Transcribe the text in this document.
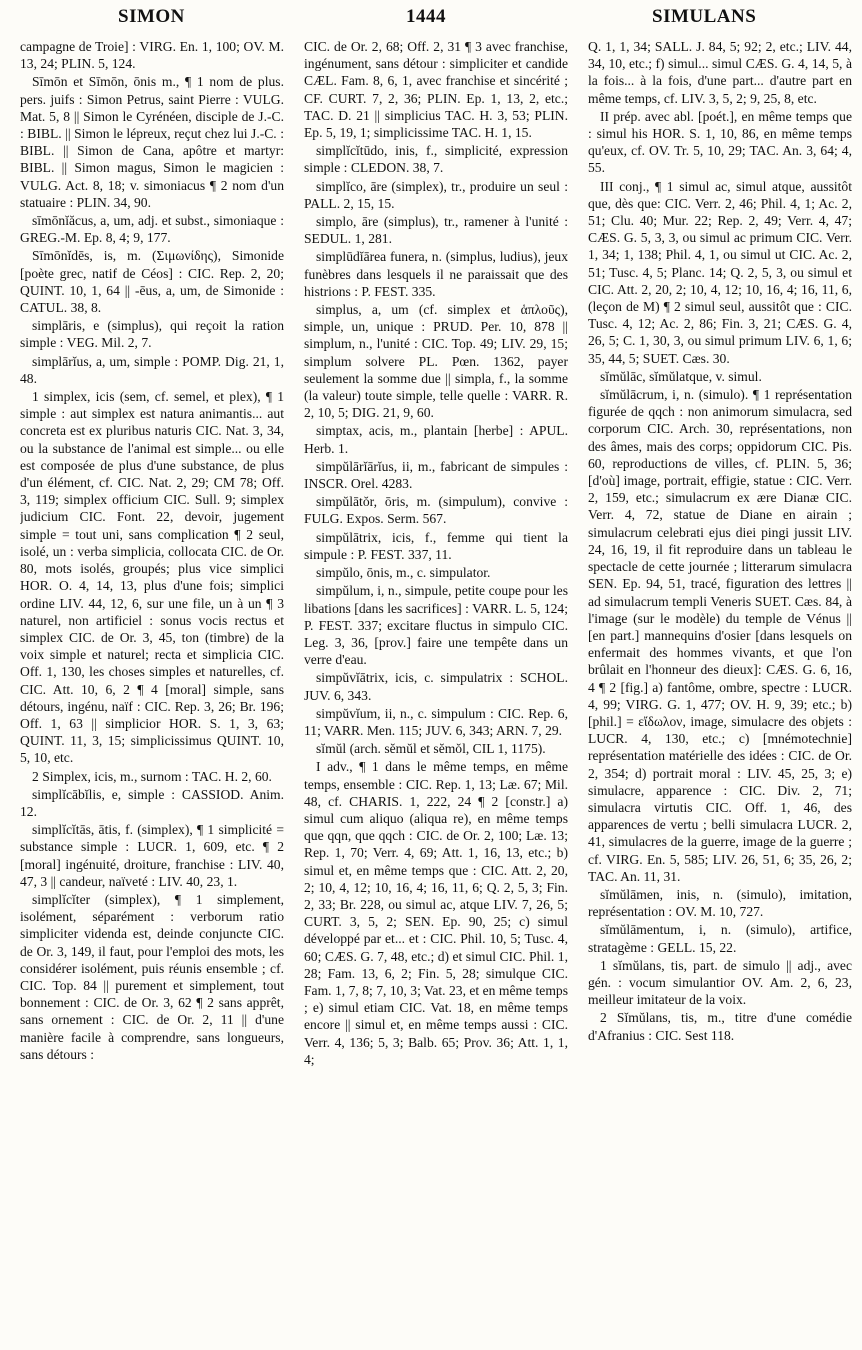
SIMON	1444	SIMULANS

campagne de Troie] : VIRG. En. 1, 100; OV. M. 13, 24; PLIN. 5, 124.

Sīmōn et Sīmōn, ōnis m., ¶ 1 nom de plus. pers. juifs : Simon Petrus, saint Pierre : VULG. Mat. 5, 8 || Simon le Cyrénéen, disciple de J.-C. : BIBL. || Simon le lépreux, reçut chez lui J.-C. : BIBL. || Simon de Cana, apôtre et martyr: BIBL. || Simon magus, Simon le magicien : VULG. Act. 8, 18; v. simoniacus ¶ 2 nom d'un statuaire : PLIN. 34, 90.

sīmōnĭăcus, a, um, adj. et subst., simoniaque : GREG.-M. Ep. 8, 4; 9, 177.

Sīmōnĭdēs, is, m. (Σιμωνίδης), Simonide [poète grec, natif de Céos] : CIC. Rep. 2, 20; QUINT. 10, 1, 64 || -ēus, a, um, de Simonide : CATUL. 38, 8.

simplāris, e (simplus), qui reçoit la ration simple : VEG. Mil. 2, 7.

simplārĭus, a, um, simple : POMP. Dig. 21, 1, 48.

1 simplex, icis (sem, cf. semel, et plex), ¶ 1 simple : aut simplex est natura animantis... aut concreta est ex pluribus naturis CIC. Nat. 3, 34, ou la substance de l'animal est simple... ou elle est composée de plus d'une substance, de plus d'un élément, cf. CIC. Nat. 2, 29; CM 78; Off. 3, 119; simplex officium CIC. Sull. 9; simplex judicium CIC. Font. 22, devoir, jugement simple = tout uni, sans complication ¶ 2 seul, isolé, un : verba simplicia, collocata CIC. de Or. 80, mots isolés, groupés; plus vice simplici HOR. O. 4, 14, 13, plus d'une fois; simplici ordine LIV. 44, 12, 6, sur une file, un à un ¶ 3 naturel, non artificiel : sonus vocis rectus et simplex CIC. de Or. 3, 45, ton (timbre) de la voix simple et naturel; recta et simplicia CIC. Off. 1, 130, les choses simples et naturelles, cf. CIC. Att. 10, 6, 2 ¶ 4 [moral] simple, sans détours, ingénu, naïf : CIC. Rep. 3, 26; Br. 196; Off. 1, 63 || simplicior HOR. S. 1, 3, 63; QUINT. 11, 3, 15; simplicissimus QUINT. 10, 5, 10, etc.

2 Simplex, icis, m., surnom : TAC. H. 2, 60.

simplĭcābĭlis, e, simple : CASSIOD. Anim. 12.

simplĭcĭtās, ātis, f. (simplex), ¶ 1 simplicité = substance simple : LUCR. 1, 609, etc. ¶ 2 [moral] ingénuité, droiture, franchise : LIV. 40, 47, 3 || candeur, naïveté : LIV. 40, 23, 1.

simplĭcĭter (simplex), ¶ 1 simplement, isolément, séparément : verborum ratio simpliciter videnda est, deinde conjuncte CIC. de Or. 3, 149, il faut, pour l'emploi des mots, les considérer isolément, puis réunis ensemble ; cf. CIC. Top. 84 || purement et simplement, tout bonnement : CIC. de Or. 3, 62 ¶ 2 sans apprêt, sans ornement : CIC. de Or. 2, 11 || d'une manière facile à comprendre, sans longueurs, sans détours :

CIC. de Or. 2, 68; Off. 2, 31 ¶ 3 avec franchise, ingénument, sans détour : simpliciter et candide CÆL. Fam. 8, 6, 1, avec franchise et sincérité ; CF. CURT. 7, 2, 36; PLIN. Ep. 1, 13, 2, etc.; TAC. D. 21 || simplicius TAC. H. 3, 53; PLIN. Ep. 5, 19, 1; simplicissime TAC. H. 1, 15.

simplĭcĭtūdo, inis, f., simplicité, expression simple : CLEDON. 38, 7.

simplĭco, āre (simplex), tr., produire un seul : PALL. 2, 15, 15.

simplo, āre (simplus), tr., ramener à l'unité : SEDUL. 1, 281.

simplūdĭārea funera, n. (simplus, ludius), jeux funèbres dans lesquels il ne paraissait que des histrions : P. FEST. 335.

simplus, a, um (cf. simplex et ἁπλοῦς), simple, un, unique : PRUD. Per. 10, 878 || simplum, n., l'unité : CIC. Top. 49; LIV. 29, 15; simplum solvere PL. Pœn. 1362, payer seulement la somme due || simpla, f., la somme (la valeur) toute simple, telle quelle : VARR. R. 2, 10, 5; DIG. 21, 9, 60.

simptax, acis, m., plantain [herbe] : APUL. Herb. 1.

simpŭlārĭārĭus, ii, m., fabricant de simpules : INSCR. Orel. 4283.

simpŭlātŏr, ōris, m. (simpulum), convive : FULG. Expos. Serm. 567.

simpŭlātrix, icis, f., femme qui tient la simpule : P. FEST. 337, 11.

simpŭlo, ōnis, m., c. simpulator.

simpŭlum, i, n., simpule, petite coupe pour les libations [dans les sacrifices] : VARR. L. 5, 124; P. FEST. 337; excitare fluctus in simpulo CIC. Leg. 3, 36, [prov.] faire une tempête dans un verre d'eau.

simpŭvĭātrix, icis, c. simpulatrix : SCHOL. JUV. 6, 343.

simpŭvĭum, ii, n., c. simpulum : CIC. Rep. 6, 11; VARR. Men. 115; JUV. 6, 343; ARN. 7, 29.

sĭmŭl (arch. sĕmŭl et sĕmŏl, CIL 1, 1175).

I adv., ¶ 1 dans le même temps, en même temps, ensemble : CIC. Rep. 1, 13; Læ. 67; Mil. 48, cf. CHARIS. 1, 222, 24 ¶ 2 [constr.] a) simul cum aliquo (aliqua re), en même temps que qqn, que qqch : CIC. de Or. 2, 100; Læ. 13; Rep. 1, 70; Verr. 4, 69; Att. 1, 16, 13, etc.; b) simul et, en même temps que : CIC. Att. 2, 20, 2; 10, 4, 12; 10, 16, 4; 16, 11, 6; Q. 2, 5, 3; Fin. 2, 33; Br. 228, ou simul ac, atque LIV. 7, 26, 5; CURT. 3, 5, 2; SEN. Ep. 90, 25; c) simul développé par et... et : CIC. Phil. 10, 5; Tusc. 4, 60; CÆS. G. 7, 48, etc.; d) et simul CIC. Phil. 1, 28; Fam. 13, 6, 2; Fin. 5, 28; simulque CIC. Fam. 1, 7, 8; 7, 10, 3; Vat. 23, et en même temps ; e) simul etiam CIC. Vat. 18, en même temps encore || simul et, en même temps aussi : CIC. Verr. 4, 136; 5, 3; Balb. 65; Prov. 36; Att. 1, 1, 4;

Q. 1, 1, 34; SALL. J. 84, 5; 92; 2, etc.; LIV. 44, 34, 10, etc.; f) simul... simul CÆS. G. 4, 14, 5, à la fois... à la fois, d'une part... d'autre part en même temps, cf. LIV. 3, 5, 2; 9, 25, 8, etc.

II prép. avec abl. [poét.], en même temps que : simul his HOR. S. 1, 10, 86, en même temps qu'eux, cf. OV. Tr. 5, 10, 29; TAC. An. 3, 64; 4, 55.

III conj., ¶ 1 simul ac, simul atque, aussitôt que, dès que: CIC. Verr. 2, 46; Phil. 4, 1; Ac. 2, 51; Clu. 40; Mur. 22; Rep. 2, 49; Verr. 4, 47; CÆS. G. 5, 3, 3, ou simul ac primum CIC. Verr. 1, 34; 1, 138; Phil. 4, 1, ou simul ut CIC. Ac. 2, 51; Tusc. 4, 5; Planc. 14; Q. 2, 5, 3, ou simul et CIC. Att. 2, 20, 2; 10, 4, 12; 10, 16, 4; 16, 11, 6, (leçon de M) ¶ 2 simul seul, aussitôt que : CIC. Tusc. 4, 12; Ac. 2, 86; Fin. 3, 21; CÆS. G. 4, 26, 5; C. 1, 30, 3, ou simul primum LIV. 6, 1, 6; 35, 44, 5; SUET. Cæs. 30.

sĭmŭlāc, sĭmŭlatque, v. simul.

sĭmŭlācrum, i, n. (simulo). ¶ 1 représentation figurée de qqch : non animorum simulacra, sed corporum CIC. Arch. 30, représentations, non des âmes, mais des corps; oppidorum CIC. Pis. 60, reproductions de villes, cf. PLIN. 5, 36; [d'où] image, portrait, effigie, statue : CIC. Verr. 2, 159, etc.; simulacrum ex ære Dianæ CIC. Verr. 4, 72, statue de Diane en airain ; simulacrum celebrati ejus diei pingi jussit LIV. 24, 16, 19, il fit reproduire dans un tableau le spectacle de cette journée ; litterarum simulacra SEN. Ep. 94, 51, tracé, figuration des lettres || ad simulacrum templi Veneris SUET. Cæs. 84, à l'image (sur le modèle) du temple de Vénus || [en part.] mannequins d'osier [dans lesquels on enfermait des hommes vivants, et que l'on brûlait en l'honneur des dieux]: CÆS. G. 6, 16, 4 ¶ 2 [fig.] a) fantôme, ombre, spectre : LUCR. 4, 99; VIRG. G. 1, 477; OV. H. 9, 39; etc.; b) [phil.] = εἴδωλον, image, simulacre des objets : LUCR. 4, 130, etc.; c) [mnémotechnie] représentation matérielle des idées : CIC. de Or. 2, 354; d) portrait moral : LIV. 45, 25, 3; e) simulacre, apparence : CIC. Div. 2, 71; simulacra virtutis CIC. Off. 1, 46, des apparences de vertu ; belli simulacra LUCR. 2, 41, simulacres de la guerre, image de la guerre ; cf. VIRG. En. 5, 585; LIV. 26, 51, 6; 35, 26, 2; TAC. An. 11, 31.

sĭmŭlāmen, inis, n. (simulo), imitation, représentation : OV. M. 10, 727.

sĭmŭlāmentum, i, n. (simulo), artifice, stratagème : GELL. 15, 22.

1 sĭmŭlans, tis, part. de simulo || adj., avec gén. : vocum simulantior OV. Am. 2, 6, 23, meilleur imitateur de la voix.

2 Sĭmŭlans, tis, m., titre d'une comédie d'Afranius : CIC. Sest 118.
